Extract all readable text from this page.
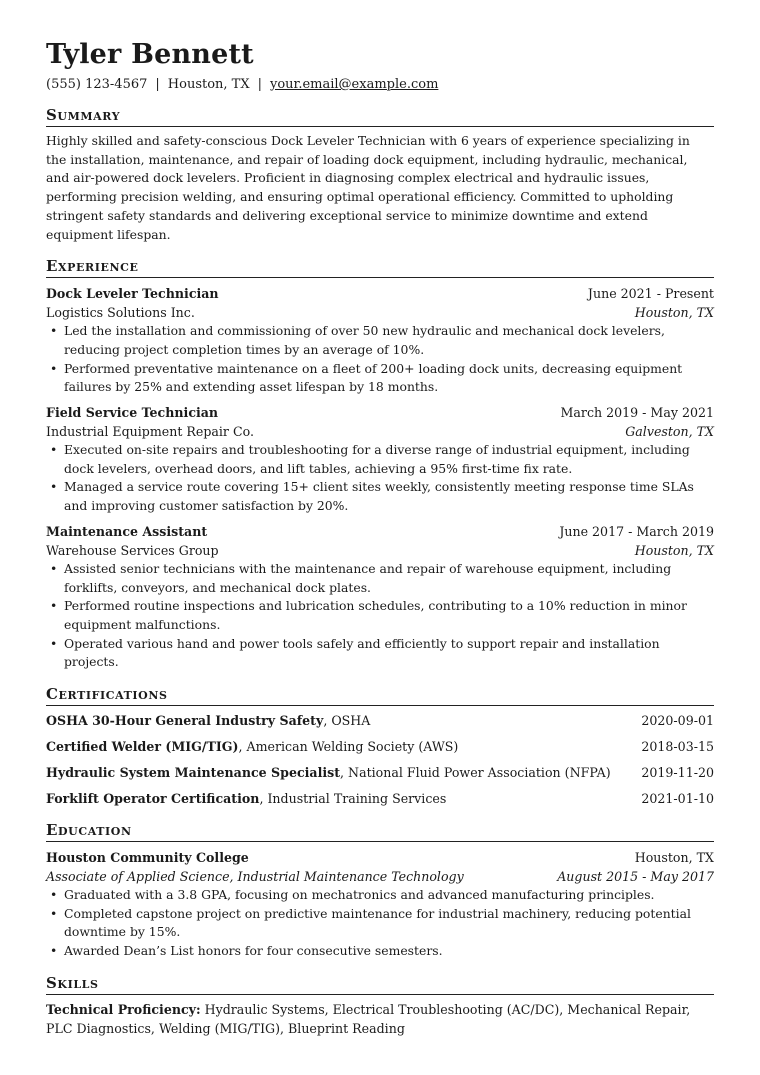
Tyler Bennett
(555) 123-4567 | Houston, TX | your.email@example.com
Summary
Highly skilled and safety-conscious Dock Leveler Technician with 6 years of experience specializing in the installation, maintenance, and repair of loading dock equipment, including hydraulic, mechanical, and air-powered dock levelers. Proficient in diagnosing complex electrical and hydraulic issues, performing precision welding, and ensuring optimal operational efficiency. Committed to upholding stringent safety standards and delivering exceptional service to minimize downtime and extend equipment lifespan.
Experience
Dock Leveler Technician	June 2021 - Present
Logistics Solutions Inc.	Houston, TX
• Led the installation and commissioning of over 50 new hydraulic and mechanical dock levelers, reducing project completion times by an average of 10%.
• Performed preventative maintenance on a fleet of 200+ loading dock units, decreasing equipment failures by 25% and extending asset lifespan by 18 months.
Field Service Technician	March 2019 - May 2021
Industrial Equipment Repair Co.	Galveston, TX
• Executed on-site repairs and troubleshooting for a diverse range of industrial equipment, including dock levelers, overhead doors, and lift tables, achieving a 95% first-time fix rate.
• Managed a service route covering 15+ client sites weekly, consistently meeting response time SLAs and improving customer satisfaction by 20%.
Maintenance Assistant	June 2017 - March 2019
Warehouse Services Group	Houston, TX
• Assisted senior technicians with the maintenance and repair of warehouse equipment, including forklifts, conveyors, and mechanical dock plates.
• Performed routine inspections and lubrication schedules, contributing to a 10% reduction in minor equipment malfunctions.
• Operated various hand and power tools safely and efficiently to support repair and installation projects.
Certifications
OSHA 30-Hour General Industry Safety, OSHA	2020-09-01
Certified Welder (MIG/TIG), American Welding Society (AWS)	2018-03-15
Hydraulic System Maintenance Specialist, National Fluid Power Association (NFPA) 2019-11-20
Forklift Operator Certification, Industrial Training Services	2021-01-10
Education
Houston Community College	Houston, TX
Associate of Applied Science, Industrial Maintenance Technology	August 2015 - May 2017
• Graduated with a 3.8 GPA, focusing on mechatronics and advanced manufacturing principles.
• Completed capstone project on predictive maintenance for industrial machinery, reducing potential downtime by 15%.
• Awarded Dean’s List honors for four consecutive semesters.
Skills
Technical Proficiency: Hydraulic Systems, Electrical Troubleshooting (AC/DC), Mechanical Repair, PLC Diagnostics, Welding (MIG/TIG), Blueprint Reading
